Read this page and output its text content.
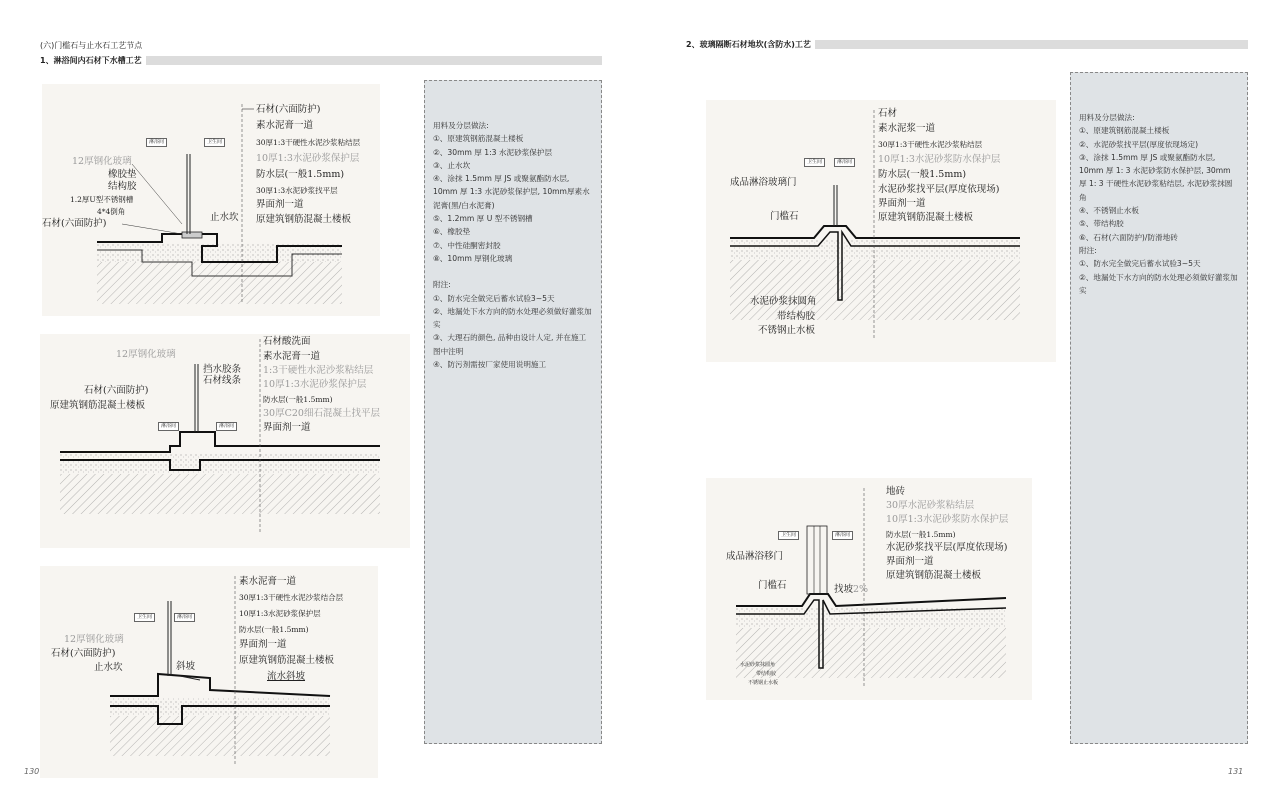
(六)门槛石与止水石工艺节点
1、淋浴间内石材下水槽工艺
淋浴间	卫生间
12厚钢化玻璃
橡胶垫
结构胶
1.2厚U型不锈钢槽
4*4倒角
石材(六面防护)
止水坎
石材(六面防护)
素水泥膏一道
30厚1:3干硬性水泥沙浆粘结层
10厚1:3水泥砂浆保护层
防水层(一般1.5mm)
30厚1:3水泥砂浆找平层
界面剂一道
原建筑钢筋混凝土楼板
淋浴间	淋浴间
12厚钢化玻璃
石材(六面防护)
原建筑钢筋混凝土楼板
挡水胶条
石材线条
石材酸洗面
素水泥膏一道
1:3干硬性水泥沙浆粘结层
10厚1:3水泥砂浆保护层
防水层(一般1.5mm)
30厚C20细石混凝土找平层
界面剂一道
卫生间	淋浴间
12厚钢化玻璃
石材(六面防护)
止水坎	斜坡
素水泥膏一道
30厚1:3干硬性水泥沙浆结合层
10厚1:3水泥砂浆保护层
防水层(一般1.5mm)
界面剂一道
原建筑钢筋混凝土楼板
流水斜坡

用料及分层做法:

①、原建筑钢筋混凝土楼板

②、30mm 厚 1:3 水泥砂浆保护层

③、止水坎

④、涂抹 1.5mm 厚 JS 或聚氨酯防水层, 10mm 厚 1:3 水泥砂浆保护层, 10mm厚素水泥膏(黑/白水泥膏)

⑤、1.2mm 厚 U 型不锈钢槽

⑥、橡胶垫

⑦、中性硅酮密封胶

⑧、10mm 厚钢化玻璃

附注:

①、防水完全做完后蓄水试验3~5天

②、地漏处下水方向的防水处理必须做好灌浆加实

③、大理石的颜色, 品种由设计人定, 并在施工图中注明

④、防污剂需按厂家使用说明施工

130
2、玻璃隔断石材地坎(含防水)工艺
卫生间	淋浴间
成品淋浴玻璃门
门槛石
水泥砂浆抹圆角
带结构胶
不锈钢止水板
石材
素水泥浆一道
30厚1:3干硬性水泥沙浆粘结层
10厚1:3水泥砂浆防水保护层
防水层(一般1.5mm)
水泥砂浆找平层(厚度依现场)
界面剂一道
原建筑钢筋混凝土楼板
卫生间	淋浴间
成品淋浴移门
门槛石	找坡2%
水泥砂浆抹圆角
带结构胶
不锈钢止水板
地砖
30厚水泥砂浆粘结层
10厚1:3水泥砂浆防水保护层
防水层(一般1.5mm)
水泥砂浆找平层(厚度依现场)
界面剂一道
原建筑钢筋混凝土楼板

用料及分层做法:

①、原建筑钢筋混凝土楼板

②、水泥砂浆找平层(厚度依现场定)

③、涂抹 1.5mm 厚 JS 或聚氨酯防水层, 10mm 厚 1: 3 水泥砂浆防水保护层, 30mm 厚 1: 3 干硬性水泥砂浆粘结层, 水泥砂浆抹圆角

④、不锈钢止水板

⑤、带结构胶

⑥、石材(六面防护)/防滑地砖

附注:

①、防水完全做完后蓄水试验3~5天

②、地漏处下水方向的防水处理必须做好灌浆加实

131
